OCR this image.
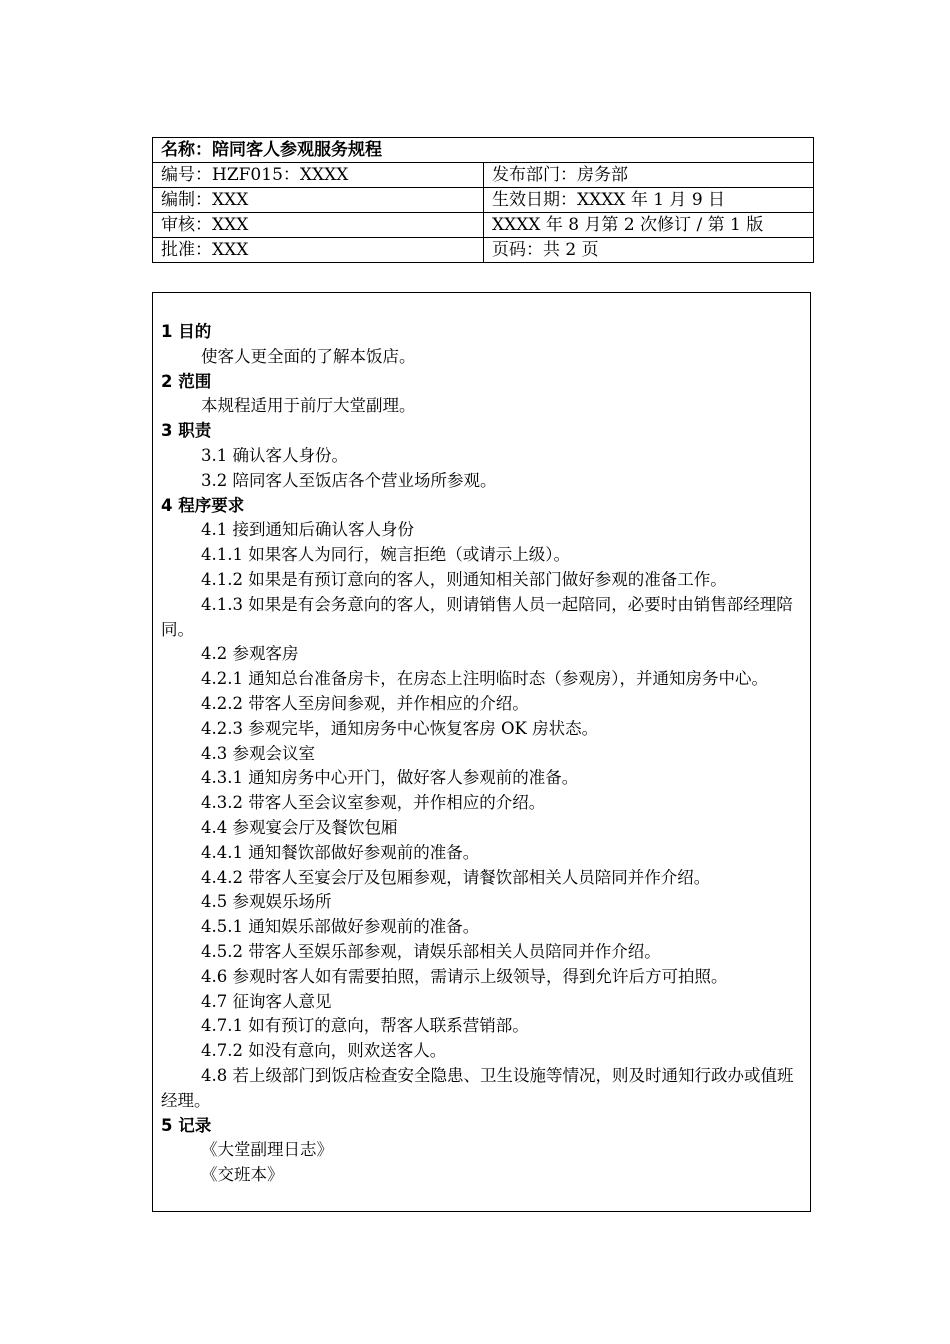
名称：陪同客人参观服务规程	
编号：HZF015：XXXX	发布部门：房务部
编制：XXX	生效日期：XXXX 年 1 月 9 日
审核：XXX	XXXX 年 8 月第 2 次修订 / 第 1 版
批准：XXX	页码：共 2 页

1 目的

使客人更全面的了解本饭店。

2 范围

本规程适用于前厅大堂副理。

3 职责

3.1 确认客人身份。

3.2 陪同客人至饭店各个营业场所参观。

4 程序要求

4.1 接到通知后确认客人身份

4.1.1 如果客人为同行，婉言拒绝（或请示上级）。

4.1.2 如果是有预订意向的客人，则通知相关部门做好参观的准备工作。

4.1.3 如果是有会务意向的客人，则请销售人员一起陪同，必要时由销售部经理陪同。

4.2 参观客房

4.2.1 通知总台准备房卡，在房态上注明临时态（参观房），并通知房务中心。

4.2.2 带客人至房间参观，并作相应的介绍。

4.2.3 参观完毕，通知房务中心恢复客房 OK 房状态。

4.3 参观会议室

4.3.1 通知房务中心开门，做好客人参观前的准备。

4.3.2 带客人至会议室参观，并作相应的介绍。

4.4 参观宴会厅及餐饮包厢

4.4.1 通知餐饮部做好参观前的准备。

4.4.2 带客人至宴会厅及包厢参观，请餐饮部相关人员陪同并作介绍。

4.5 参观娱乐场所

4.5.1 通知娱乐部做好参观前的准备。

4.5.2 带客人至娱乐部参观，请娱乐部相关人员陪同并作介绍。

4.6 参观时客人如有需要拍照，需请示上级领导，得到允许后方可拍照。

4.7 征询客人意见

4.7.1 如有预订的意向，帮客人联系营销部。

4.7.2 如没有意向，则欢送客人。

4.8 若上级部门到饭店检查安全隐患、卫生设施等情况，则及时通知行政办或值班经理。

5 记录

《大堂副理日志》

《交班本》
